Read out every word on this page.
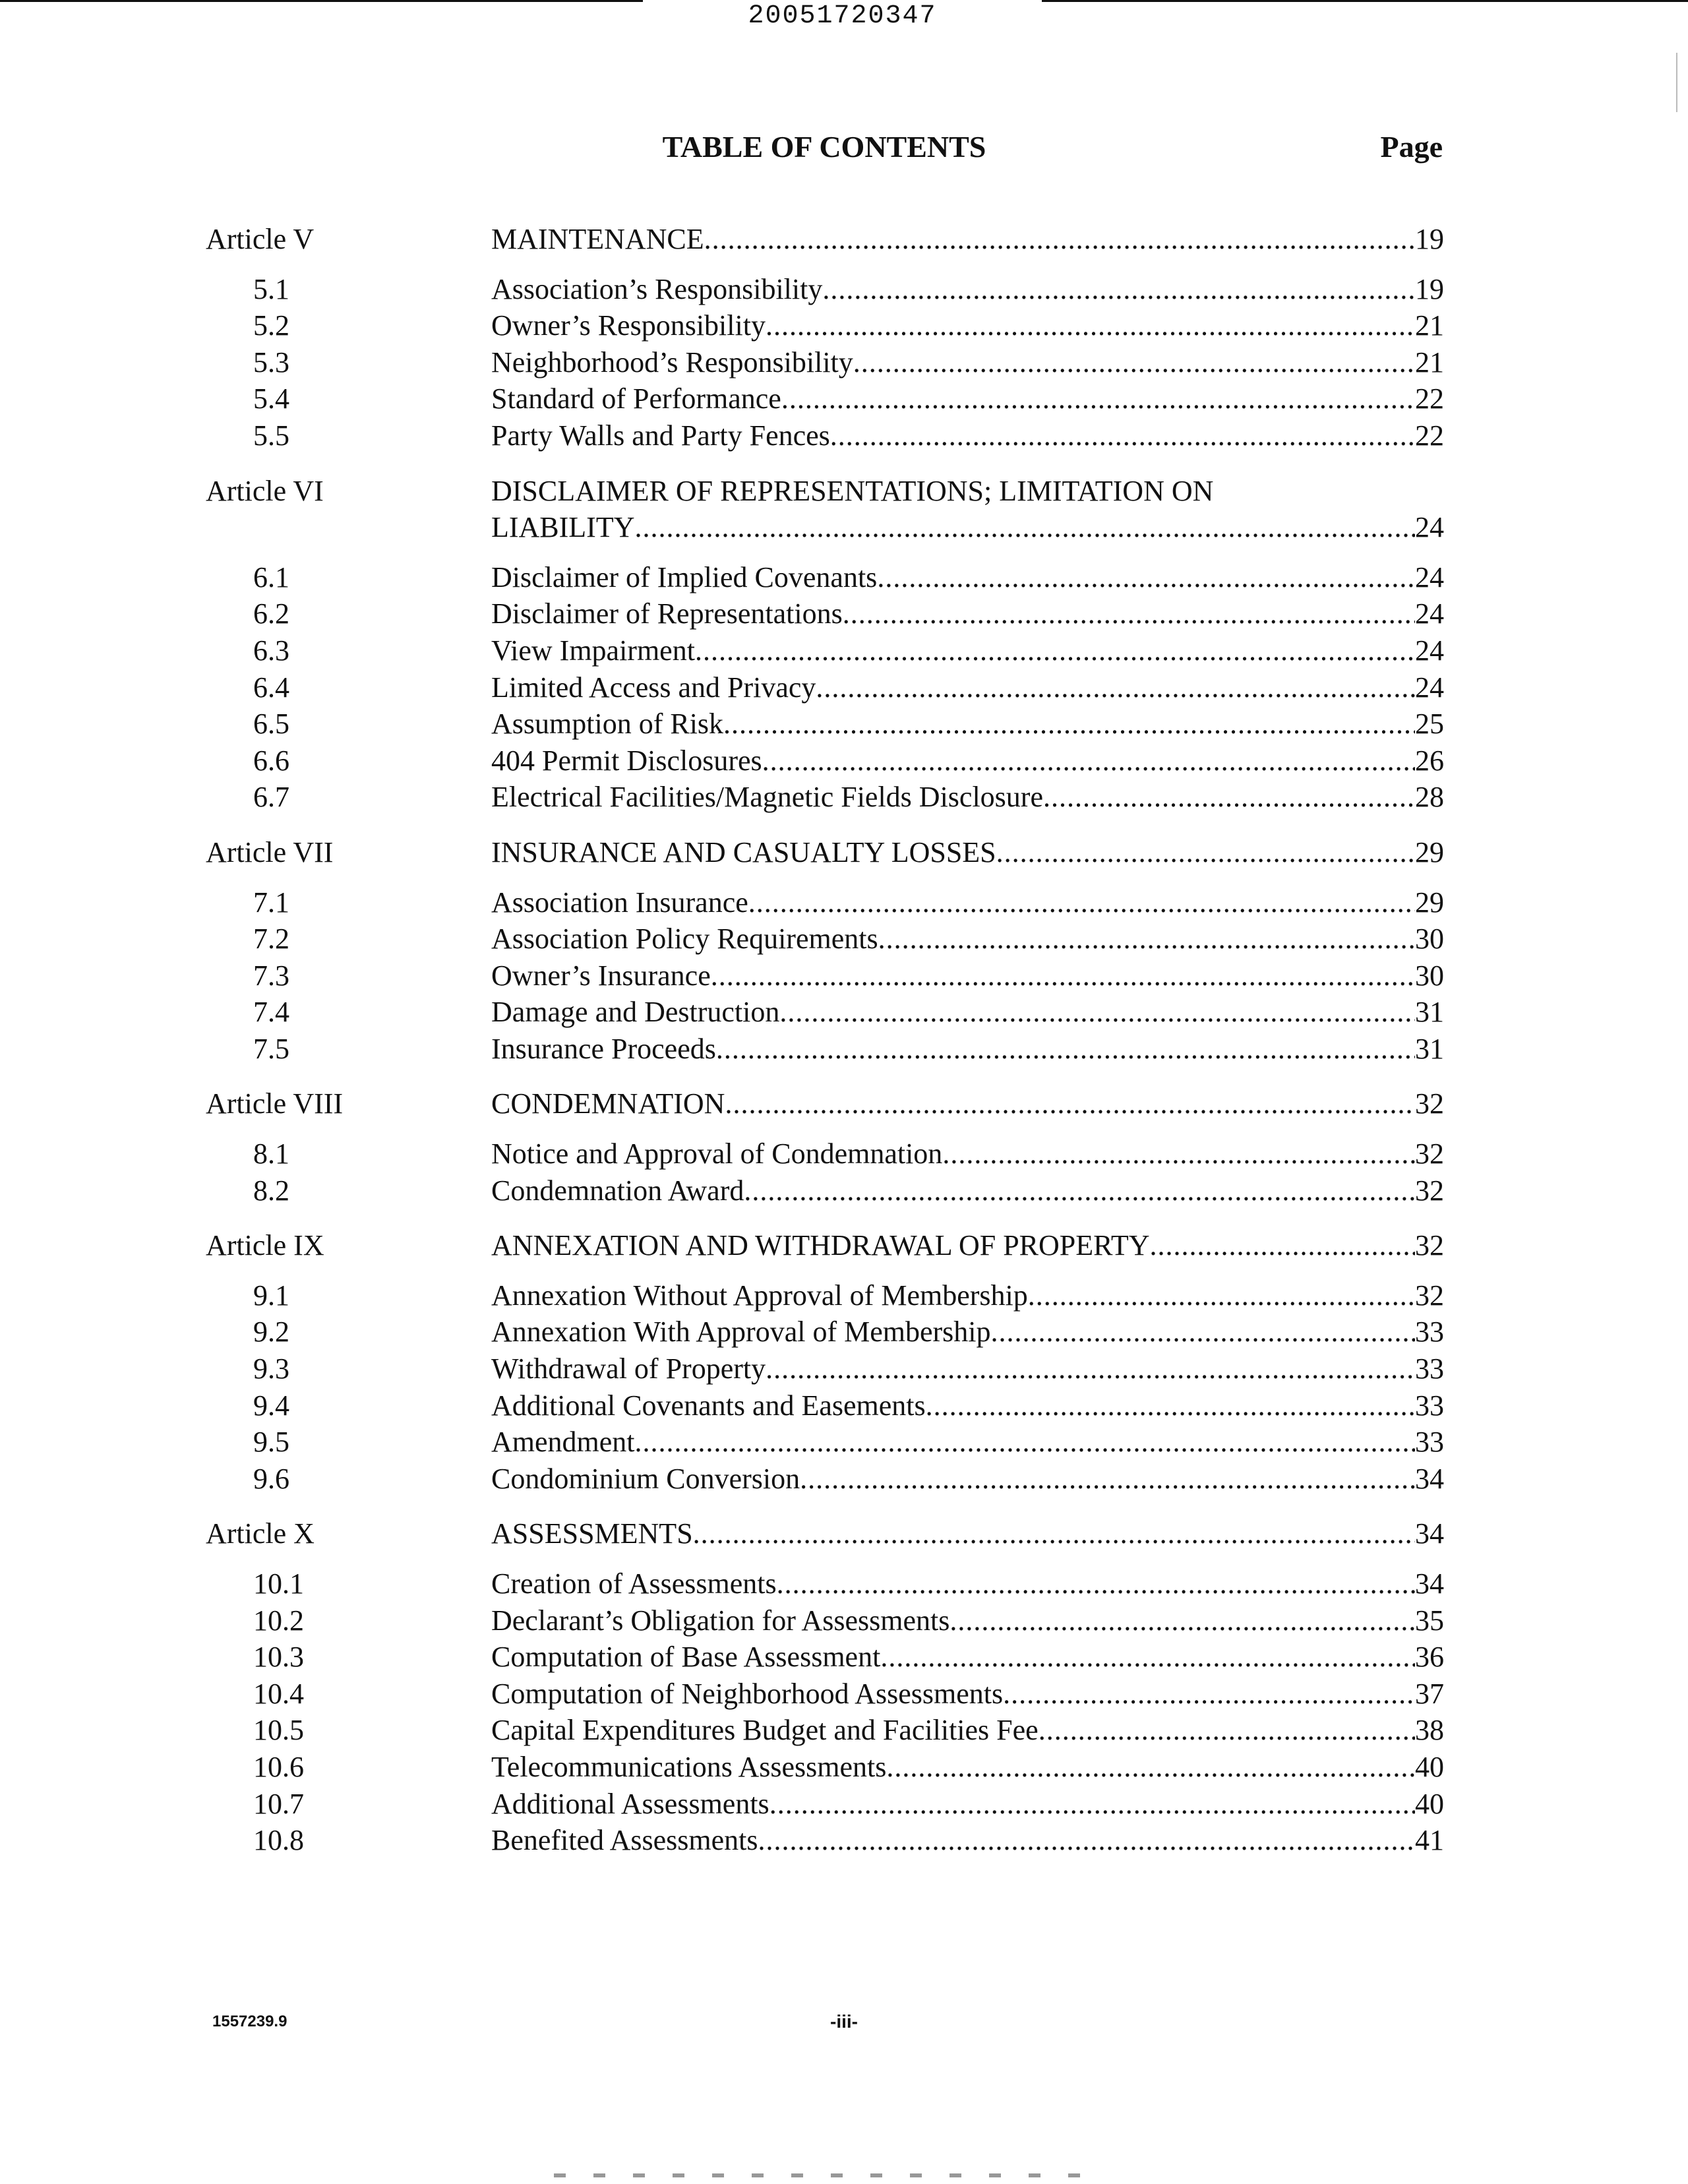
20051720347
TABLE OF CONTENTS	Page
Article V	MAINTENANCE .....	19
5.1	Association’s Responsibility .....	19
5.2	Owner’s Responsibility .....	21
5.3	Neighborhood’s Responsibility .....	21
5.4	Standard of Performance .....	22
5.5	Party Walls and Party Fences .....	22
Article VI	DISCLAIMER OF REPRESENTATIONS; LIMITATION ON
LIABILITY .....	24
6.1	Disclaimer of Implied Covenants .....	24
6.2	Disclaimer of Representations .....	24
6.3	View Impairment .....	24
6.4	Limited Access and Privacy .....	24
6.5	Assumption of Risk .....	25
6.6	404 Permit Disclosures .....	26
6.7	Electrical Facilities/Magnetic Fields Disclosure .....	28
Article VII	INSURANCE AND CASUALTY LOSSES .....	29
7.1	Association Insurance .....	29
7.2	Association Policy Requirements .....	30
7.3	Owner’s Insurance .....	30
7.4	Damage and Destruction .....	31
7.5	Insurance Proceeds .....	31
Article VIII	CONDEMNATION .....	32
8.1	Notice and Approval of Condemnation .....	32
8.2	Condemnation Award .....	32
Article IX	ANNEXATION AND WITHDRAWAL OF PROPERTY .....	32
9.1	Annexation Without Approval of Membership .....	32
9.2	Annexation With Approval of Membership .....	33
9.3	Withdrawal of Property .....	33
9.4	Additional Covenants and Easements .....	33
9.5	Amendment .....	33
9.6	Condominium Conversion .....	34
Article X	ASSESSMENTS .....	34
10.1	Creation of Assessments .....	34
10.2	Declarant’s Obligation for Assessments .....	35
10.3	Computation of Base Assessment .....	36
10.4	Computation of Neighborhood Assessments .....	37
10.5	Capital Expenditures Budget and Facilities Fee .....	38
10.6	Telecommunications Assessments .....	40
10.7	Additional Assessments .....	40
10.8	Benefited Assessments .....	41
1557239.9	-iii-
